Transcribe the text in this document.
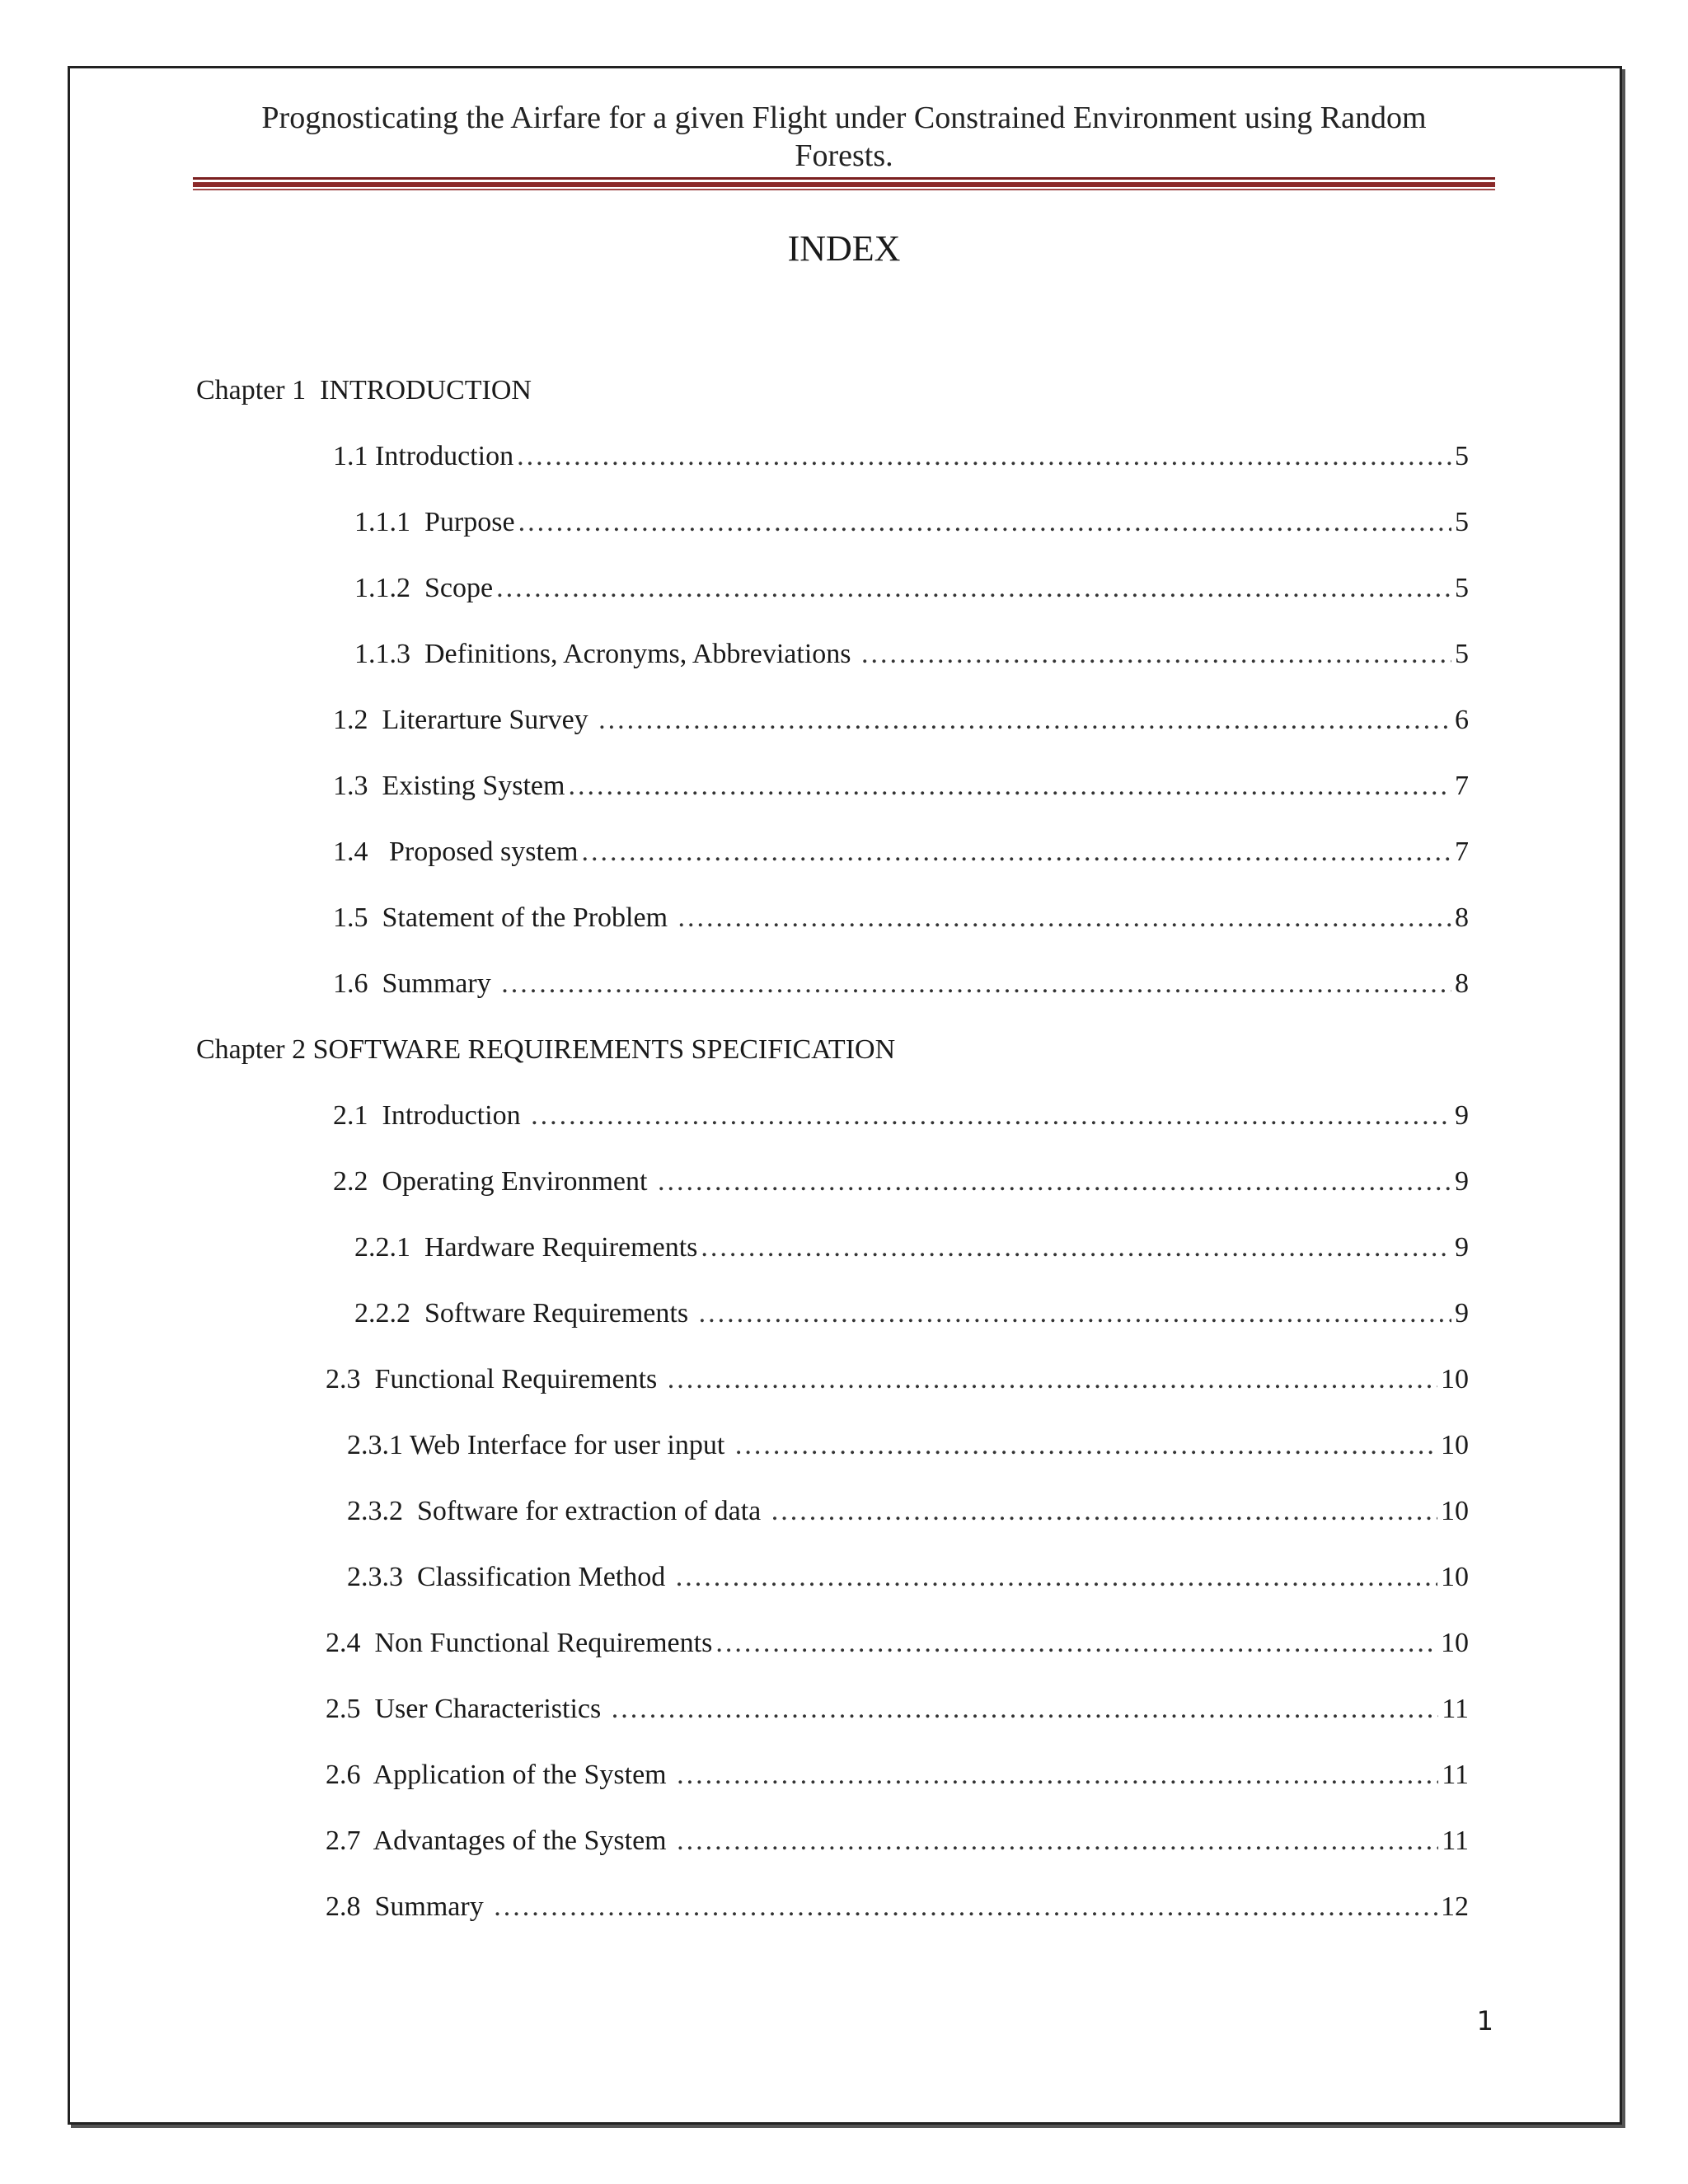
Prognosticating the Airfare for a given Flight under Constrained Environment using Random
Forests.
INDEX
Chapter 1  INTRODUCTION
1.1 Introduction .....	5
1.1.1  Purpose .....	5
1.1.2  Scope .....	5
1.1.3  Definitions, Acronyms, Abbreviations .....	5
1.2  Literarture Survey .....	6
1.3  Existing System .....	7
1.4   Proposed system .....	7
1.5  Statement of the Problem .....	8
1.6  Summary .....	8
Chapter 2 SOFTWARE REQUIREMENTS SPECIFICATION
2.1  Introduction .....	9
2.2  Operating Environment .....	9
2.2.1  Hardware Requirements .....	9
2.2.2  Software Requirements .....	9
2.3  Functional Requirements .....	10
2.3.1 Web Interface for user input .....	10
2.3.2  Software for extraction of data .....	10
2.3.3  Classification Method .....	10
2.4  Non Functional Requirements .....	10
2.5  User Characteristics .....	11
2.6  Application of the System .....	11
2.7  Advantages of the System .....	11
2.8  Summary .....	12
1
